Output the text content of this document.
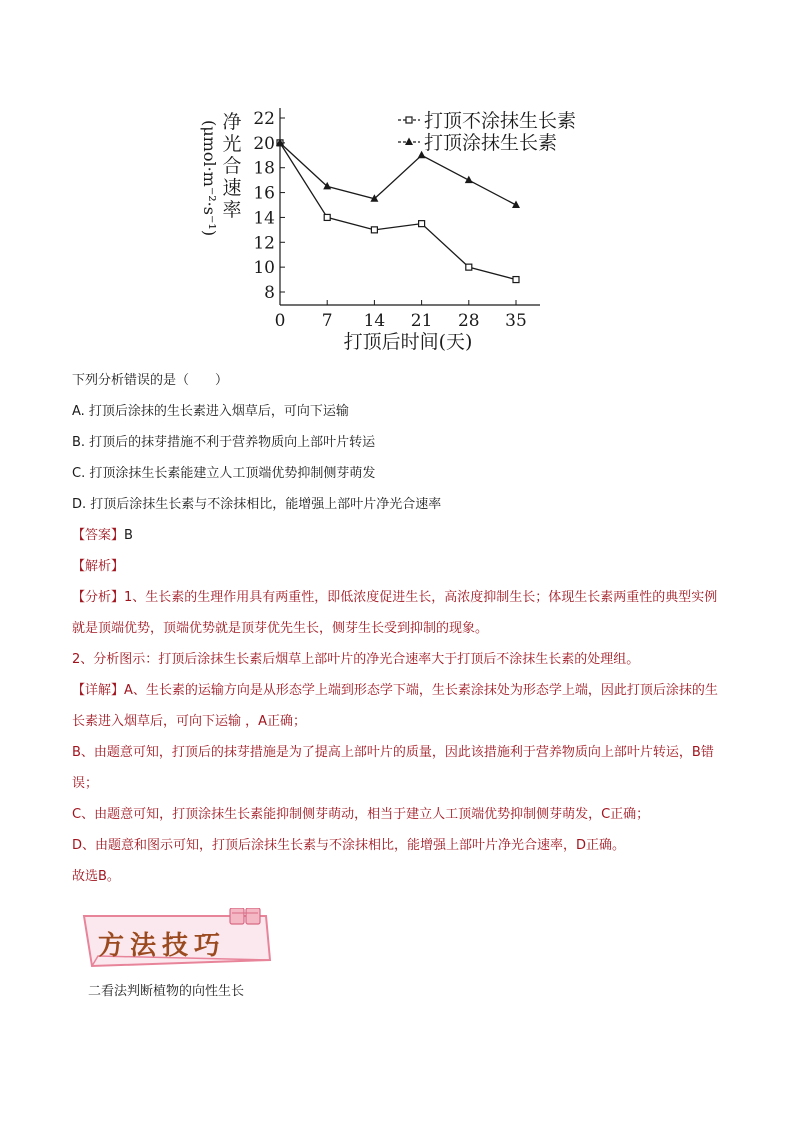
8
10
12
14
16
18
20
22
0 7 14 21 28 35
打顶后时间(天)
净
光
合
速
率
(μmol·m⁻²·s⁻¹)	打顶不涂抹生长素
打顶涂抹生长素
下列分析错误的是（　　）
A. 打顶后涂抹的生长素进入烟草后，可向下运输
B. 打顶后的抹芽措施不利于营养物质向上部叶片转运
C. 打顶涂抹生长素能建立人工顶端优势抑制侧芽萌发
D. 打顶后涂抹生长素与不涂抹相比，能增强上部叶片净光合速率
【答案】B
【解析】
【分析】1、生长素的生理作用具有两重性，即低浓度促进生长，高浓度抑制生长；体现生长素两重性的典型实例就是顶端优势，顶端优势就是顶芽优先生长，侧芽生长受到抑制的现象。
2、分析图示：打顶后涂抹生长素后烟草上部叶片的净光合速率大于打顶后不涂抹生长素的处理组。
【详解】A、生长素的运输方向是从形态学上端到形态学下端，生长素涂抹处为形态学上端，因此打顶后涂抹的生长素进入烟草后，可向下运输 ，A正确；
B、由题意可知，打顶后的抹芽措施是为了提高上部叶片的质量，因此该措施利于营养物质向上部叶片转运，B错误；
C、由题意可知，打顶涂抹生长素能抑制侧芽萌动，相当于建立人工顶端优势抑制侧芽萌发，C正确；
D、由题意和图示可知，打顶后涂抹生长素与不涂抹相比，能增强上部叶片净光合速率，D正确。
故选B。
方法技巧
二看法判断植物的向性生长
